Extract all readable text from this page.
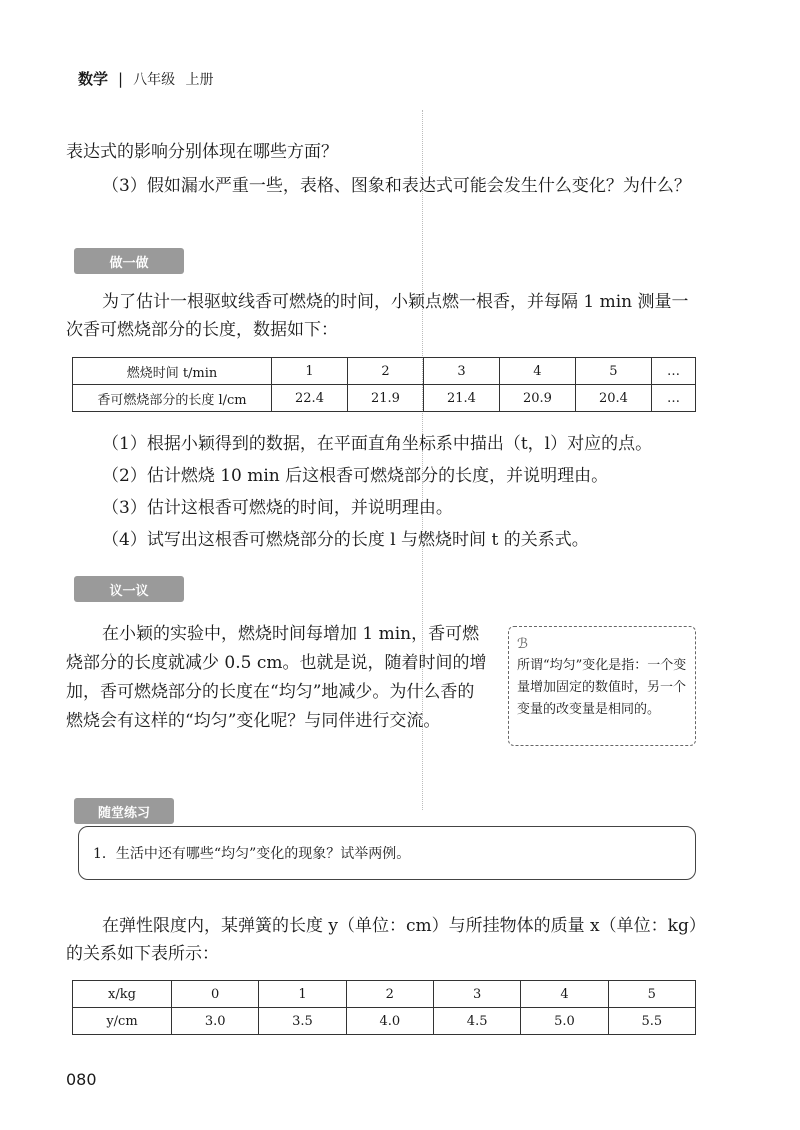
数学 | 八年级 上册
表达式的影响分别体现在哪些方面？
（3）假如漏水严重一些，表格、图象和表达式可能会发生什么变化？为什么？
做一做
为了估计一根驱蚊线香可燃烧的时间，小颖点燃一根香，并每隔 1 min 测量一次香可燃烧部分的长度，数据如下：
燃烧时间 t/min	1	2	3	4	5	…
香可燃烧部分的长度 l/cm	22.4	21.9	21.4	20.9	20.4	…
（1）根据小颖得到的数据，在平面直角坐标系中描出（t，l）对应的点。
（2）估计燃烧 10 min 后这根香可燃烧部分的长度，并说明理由。
（3）估计这根香可燃烧的时间，并说明理由。
（4）试写出这根香可燃烧部分的长度 l 与燃烧时间 t 的关系式。
议一议
在小颖的实验中，燃烧时间每增加 1 min，香可燃烧部分的长度就减少 0.5 cm。也就是说，随着时间的增加，香可燃烧部分的长度在“均匀”地减少。为什么香的燃烧会有这样的“均匀”变化呢？与同伴进行交流。
ℬ
所谓“均匀”变化是指：一个变量增加固定的数值时，另一个变量的改变量是相同的。
随堂练习
1．生活中还有哪些“均匀”变化的现象？试举两例。
在弹性限度内，某弹簧的长度 y（单位：cm）与所挂物体的质量 x（单位：kg）的关系如下表所示：
x/kg	0	1	2	3	4	5
y/cm	3.0	3.5	4.0	4.5	5.0	5.5
080
